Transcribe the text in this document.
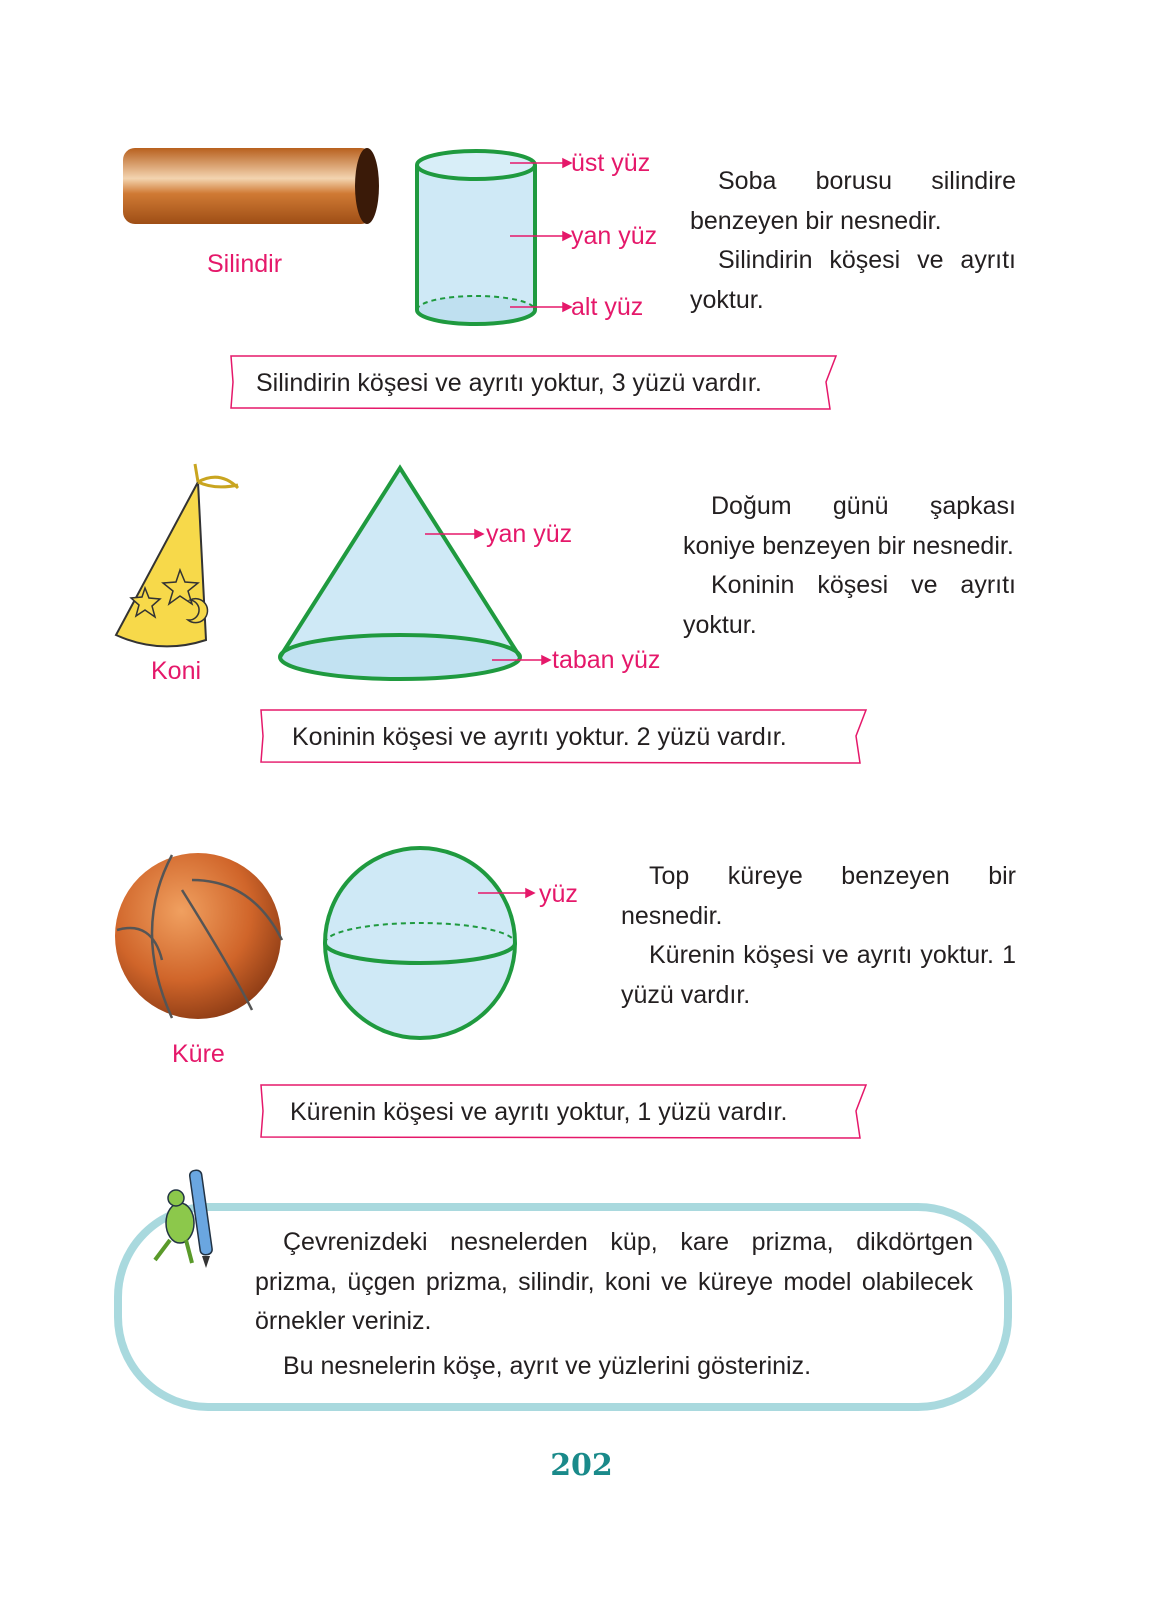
Silindir
üst yüz
yan yüz
alt yüz

Soba borusu silindire benzeyen bir nesnedir.

Silindirin köşesi ve ayrıtı yoktur.

Silindirin köşesi ve ayrıtı yoktur, 3 yüzü vardır.
Koni
yan yüz
taban yüz

Doğum günü şapkası koniye benzeyen bir nesnedir.

Koninin köşesi ve ayrıtı yoktur.

Koninin köşesi ve ayrıtı yoktur. 2 yüzü vardır.
Küre
yüz

Top küreye benzeyen bir nesnedir.

Kürenin köşesi ve ayrıtı yoktur. 1 yüzü vardır.

Kürenin köşesi ve ayrıtı yoktur, 1 yüzü vardır.

Çevrenizdeki nesnelerden küp, kare prizma, dikdörtgen prizma, üçgen prizma, silindir, koni ve küreye model olabilecek örnekler veriniz.

Bu nesnelerin köşe, ayrıt ve yüzlerini gösteriniz.

202
